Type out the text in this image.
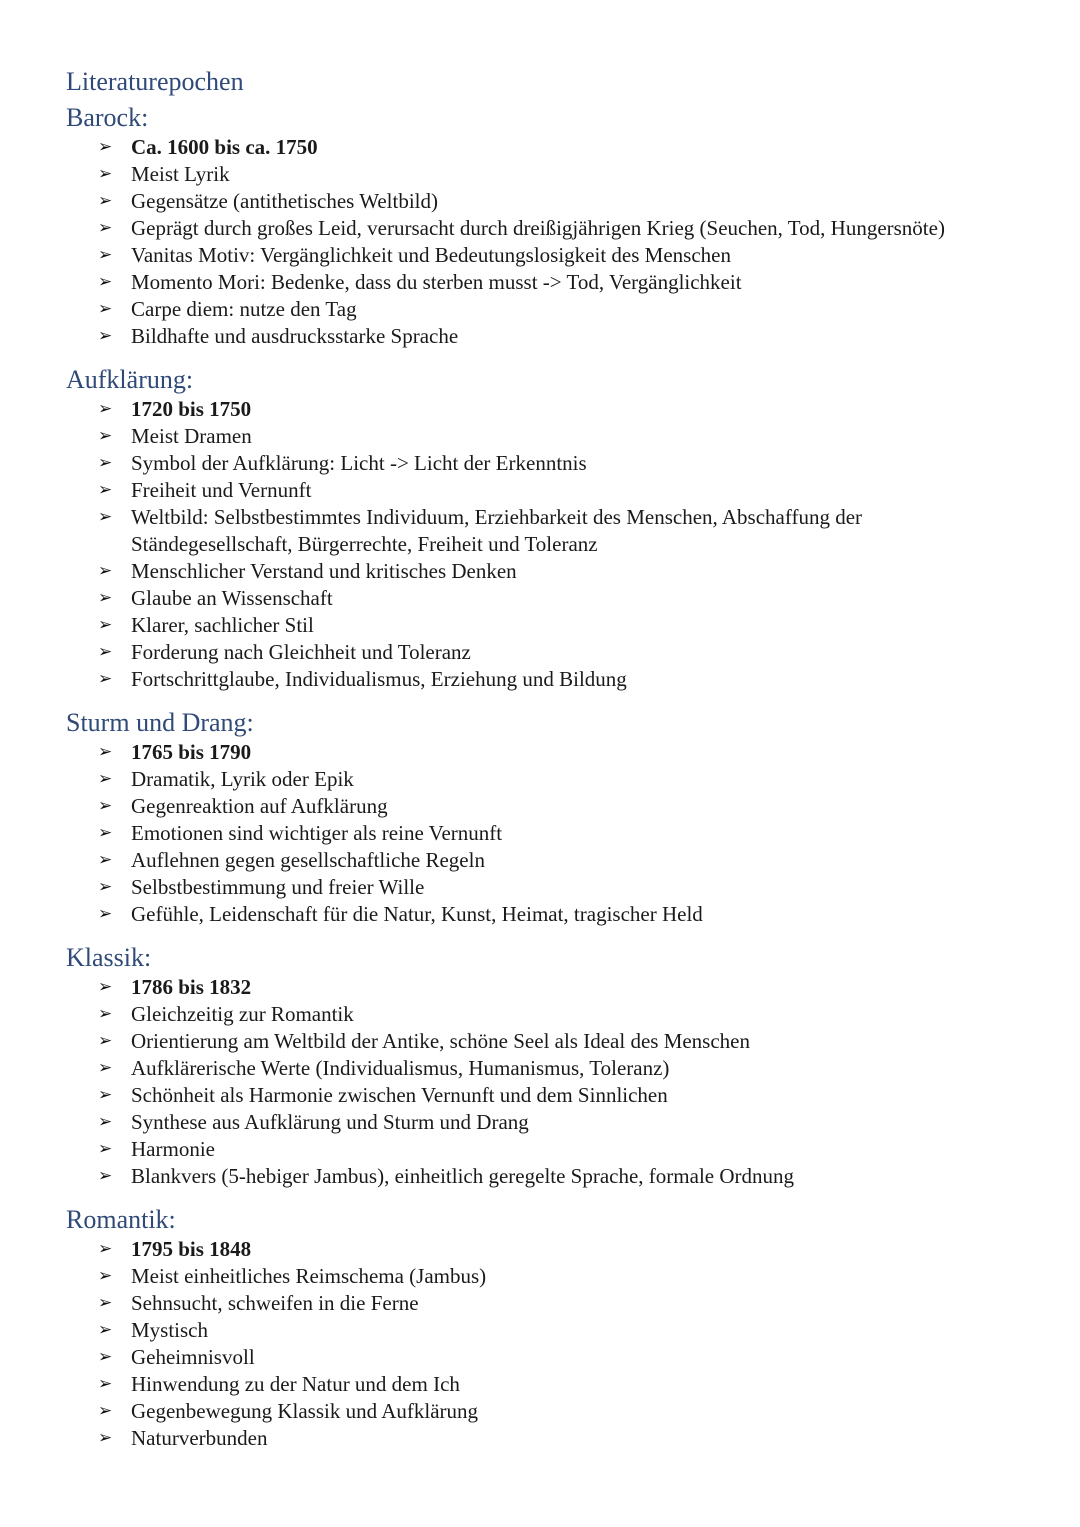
Literaturepochen
Barock:
➢ Ca. 1600 bis ca. 1750
➢ Meist Lyrik
➢ Gegensätze (antithetisches Weltbild)
➢ Geprägt durch großes Leid, verursacht durch dreißigjährigen Krieg (Seuchen, Tod, Hungersnöte)
➢ Vanitas Motiv: Vergänglichkeit und Bedeutungslosigkeit des Menschen
➢ Momento Mori: Bedenke, dass du sterben musst -> Tod, Vergänglichkeit
➢ Carpe diem: nutze den Tag
➢ Bildhafte und ausdrucksstarke Sprache
Aufklärung:
➢ 1720 bis 1750
➢ Meist Dramen
➢ Symbol der Aufklärung: Licht -> Licht der Erkenntnis
➢ Freiheit und Vernunft
➢ Weltbild: Selbstbestimmtes Individuum, Erziehbarkeit des Menschen, Abschaffung der Ständegesellschaft, Bürgerrechte, Freiheit und Toleranz
➢ Menschlicher Verstand und kritisches Denken
➢ Glaube an Wissenschaft
➢ Klarer, sachlicher Stil
➢ Forderung nach Gleichheit und Toleranz
➢ Fortschrittglaube, Individualismus, Erziehung und Bildung
Sturm und Drang:
➢ 1765 bis 1790
➢ Dramatik, Lyrik oder Epik
➢ Gegenreaktion auf Aufklärung
➢ Emotionen sind wichtiger als reine Vernunft
➢ Auflehnen gegen gesellschaftliche Regeln
➢ Selbstbestimmung und freier Wille
➢ Gefühle, Leidenschaft für die Natur, Kunst, Heimat, tragischer Held
Klassik:
➢ 1786 bis 1832
➢ Gleichzeitig zur Romantik
➢ Orientierung am Weltbild der Antike, schöne Seel als Ideal des Menschen
➢ Aufklärerische Werte (Individualismus, Humanismus, Toleranz)
➢ Schönheit als Harmonie zwischen Vernunft und dem Sinnlichen
➢ Synthese aus Aufklärung und Sturm und Drang
➢ Harmonie
➢ Blankvers (5-hebiger Jambus), einheitlich geregelte Sprache, formale Ordnung
Romantik:
➢ 1795 bis 1848
➢ Meist einheitliches Reimschema (Jambus)
➢ Sehnsucht, schweifen in die Ferne
➢ Mystisch
➢ Geheimnisvoll
➢ Hinwendung zu der Natur und dem Ich
➢ Gegenbewegung Klassik und Aufklärung
➢ Naturverbunden
